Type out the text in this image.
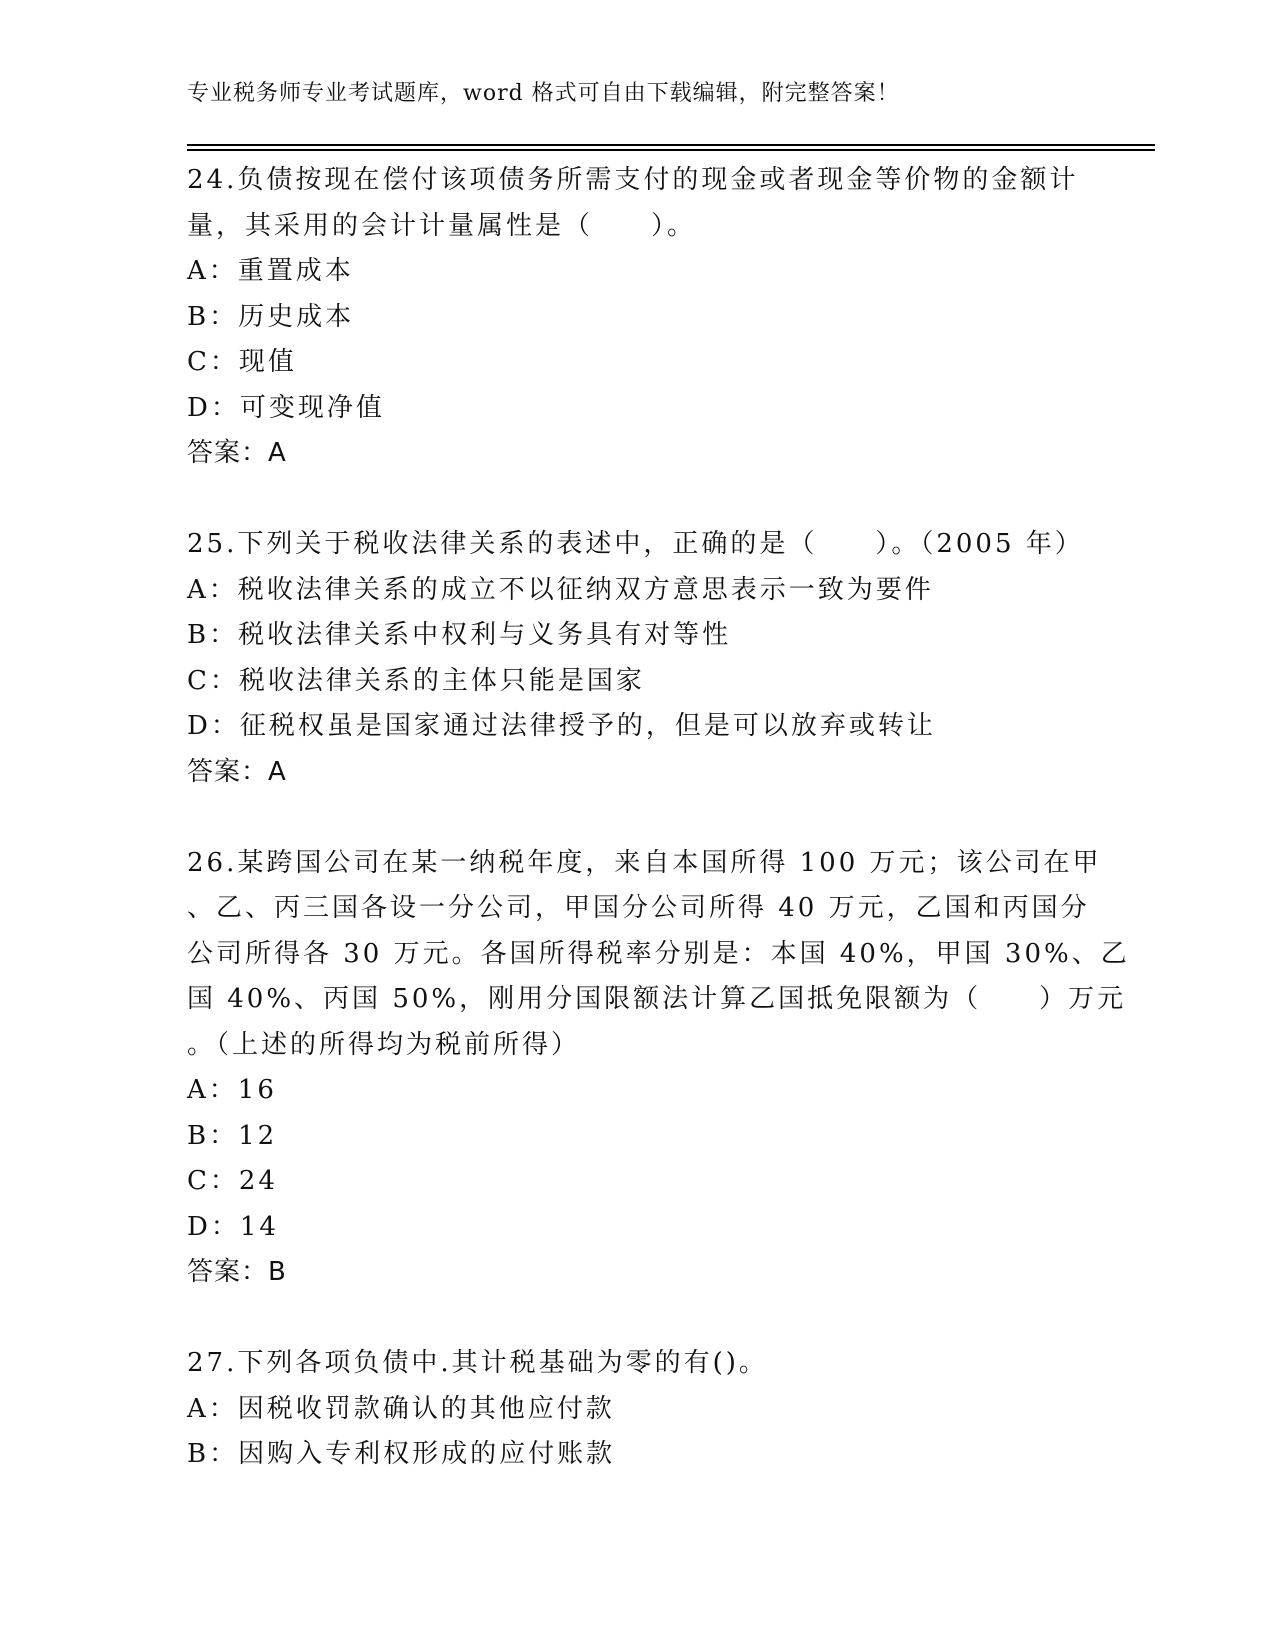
专业税务师专业考试题库，word 格式可自由下载编辑，附完整答案！
24.负债按现在偿付该项债务所需支付的现金或者现金等价物的金额计
量，其采用的会计计量属性是（　　）。
A：重置成本
B：历史成本
C：现值
D：可变现净值
答案：A
25.下列关于税收法律关系的表述中，正确的是（　　）。（2005 年）
A：税收法律关系的成立不以征纳双方意思表示一致为要件
B：税收法律关系中权利与义务具有对等性
C：税收法律关系的主体只能是国家
D：征税权虽是国家通过法律授予的，但是可以放弃或转让
答案：A
26.某跨国公司在某一纳税年度，来自本国所得 100 万元；该公司在甲
、乙、丙三国各设一分公司，甲国分公司所得 40 万元，乙国和丙国分
公司所得各 30 万元。各国所得税率分别是：本国 40%，甲国 30%、乙
国 40%、丙国 50%，刚用分国限额法计算乙国抵免限额为（　　）万元
。（上述的所得均为税前所得）
A：16
B：12
C：24
D：14
答案：B
27.下列各项负债中.其计税基础为零的有()。
A：因税收罚款确认的其他应付款
B：因购入专利权形成的应付账款
